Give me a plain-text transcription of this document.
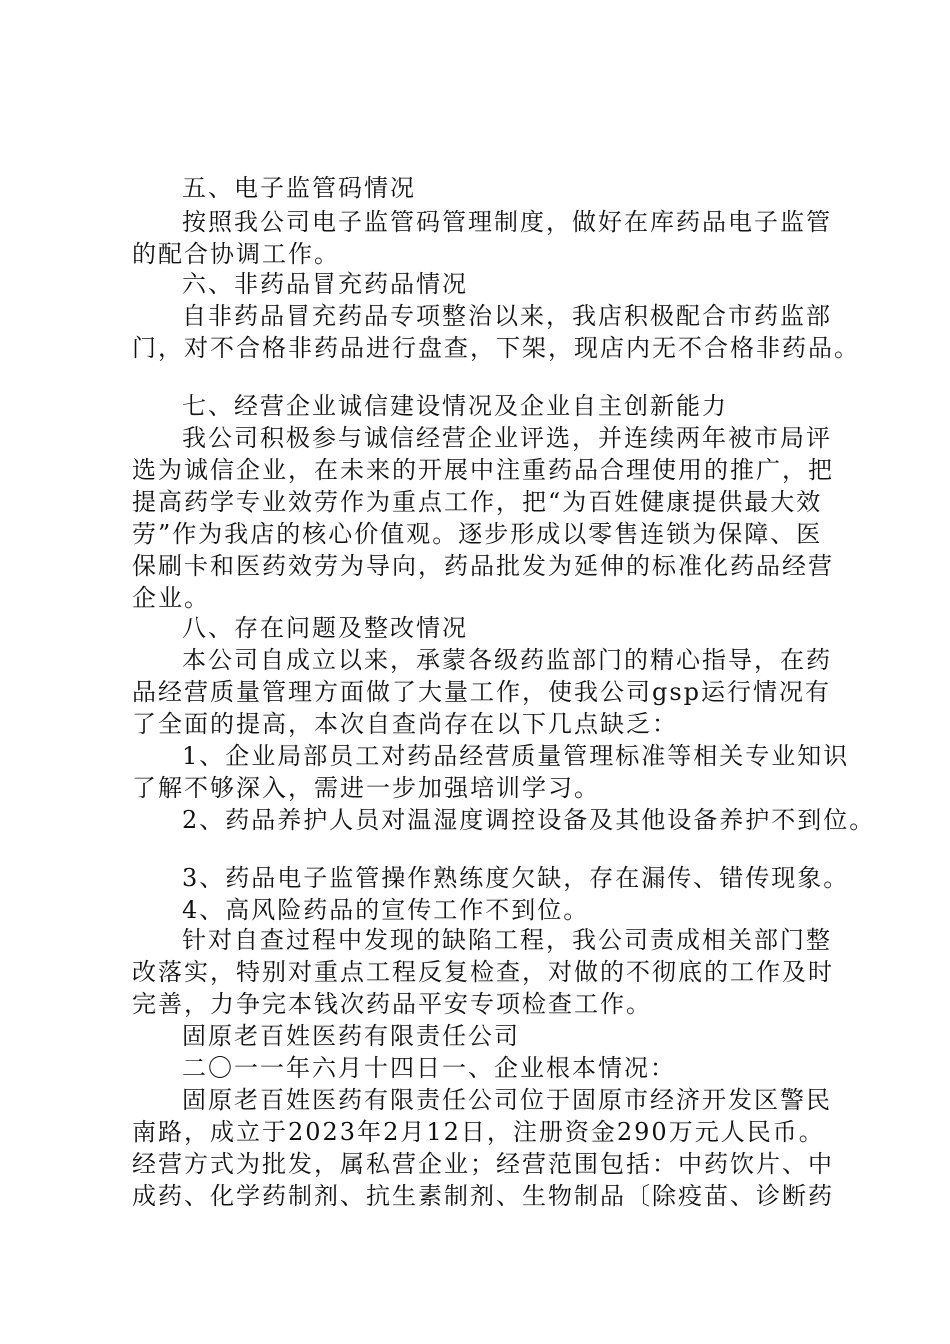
五、电子监管码情况
按照我公司电子监管码管理制度，做好在库药品电子监管
的配合协调工作。
六、非药品冒充药品情况
自非药品冒充药品专项整治以来，我店积极配合市药监部
门，对不合格非药品进行盘查，下架，现店内无不合格非药品。
七、经营企业诚信建设情况及企业自主创新能力
我公司积极参与诚信经营企业评选，并连续两年被市局评
选为诚信企业，在未来的开展中注重药品合理使用的推广，把
提高药学专业效劳作为重点工作，把“为百姓健康提供最大效
劳”作为我店的核心价值观。逐步形成以零售连锁为保障、医
保刷卡和医药效劳为导向，药品批发为延伸的标准化药品经营
企业。
八、存在问题及整改情况
本公司自成立以来，承蒙各级药监部门的精心指导，在药
品经营质量管理方面做了大量工作，使我公司gsp运行情况有
了全面的提高，本次自查尚存在以下几点缺乏：
1、企业局部员工对药品经营质量管理标准等相关专业知识
了解不够深入，需进一步加强培训学习。
2、药品养护人员对温湿度调控设备及其他设备养护不到位。
3、药品电子监管操作熟练度欠缺，存在漏传、错传现象。
4、高风险药品的宣传工作不到位。
针对自查过程中发现的缺陷工程，我公司责成相关部门整
改落实，特别对重点工程反复检查，对做的不彻底的工作及时
完善，力争完本钱次药品平安专项检查工作。
固原老百姓医药有限责任公司
二〇一一年六月十四日一、企业根本情况：
固原老百姓医药有限责任公司位于固原市经济开发区警民
南路，成立于2023年2月12日，注册资金290万元人民币。
经营方式为批发，属私营企业；经营范围包括：中药饮片、中
成药、化学药制剂、抗生素制剂、生物制品〔除疫苗、诊断药
